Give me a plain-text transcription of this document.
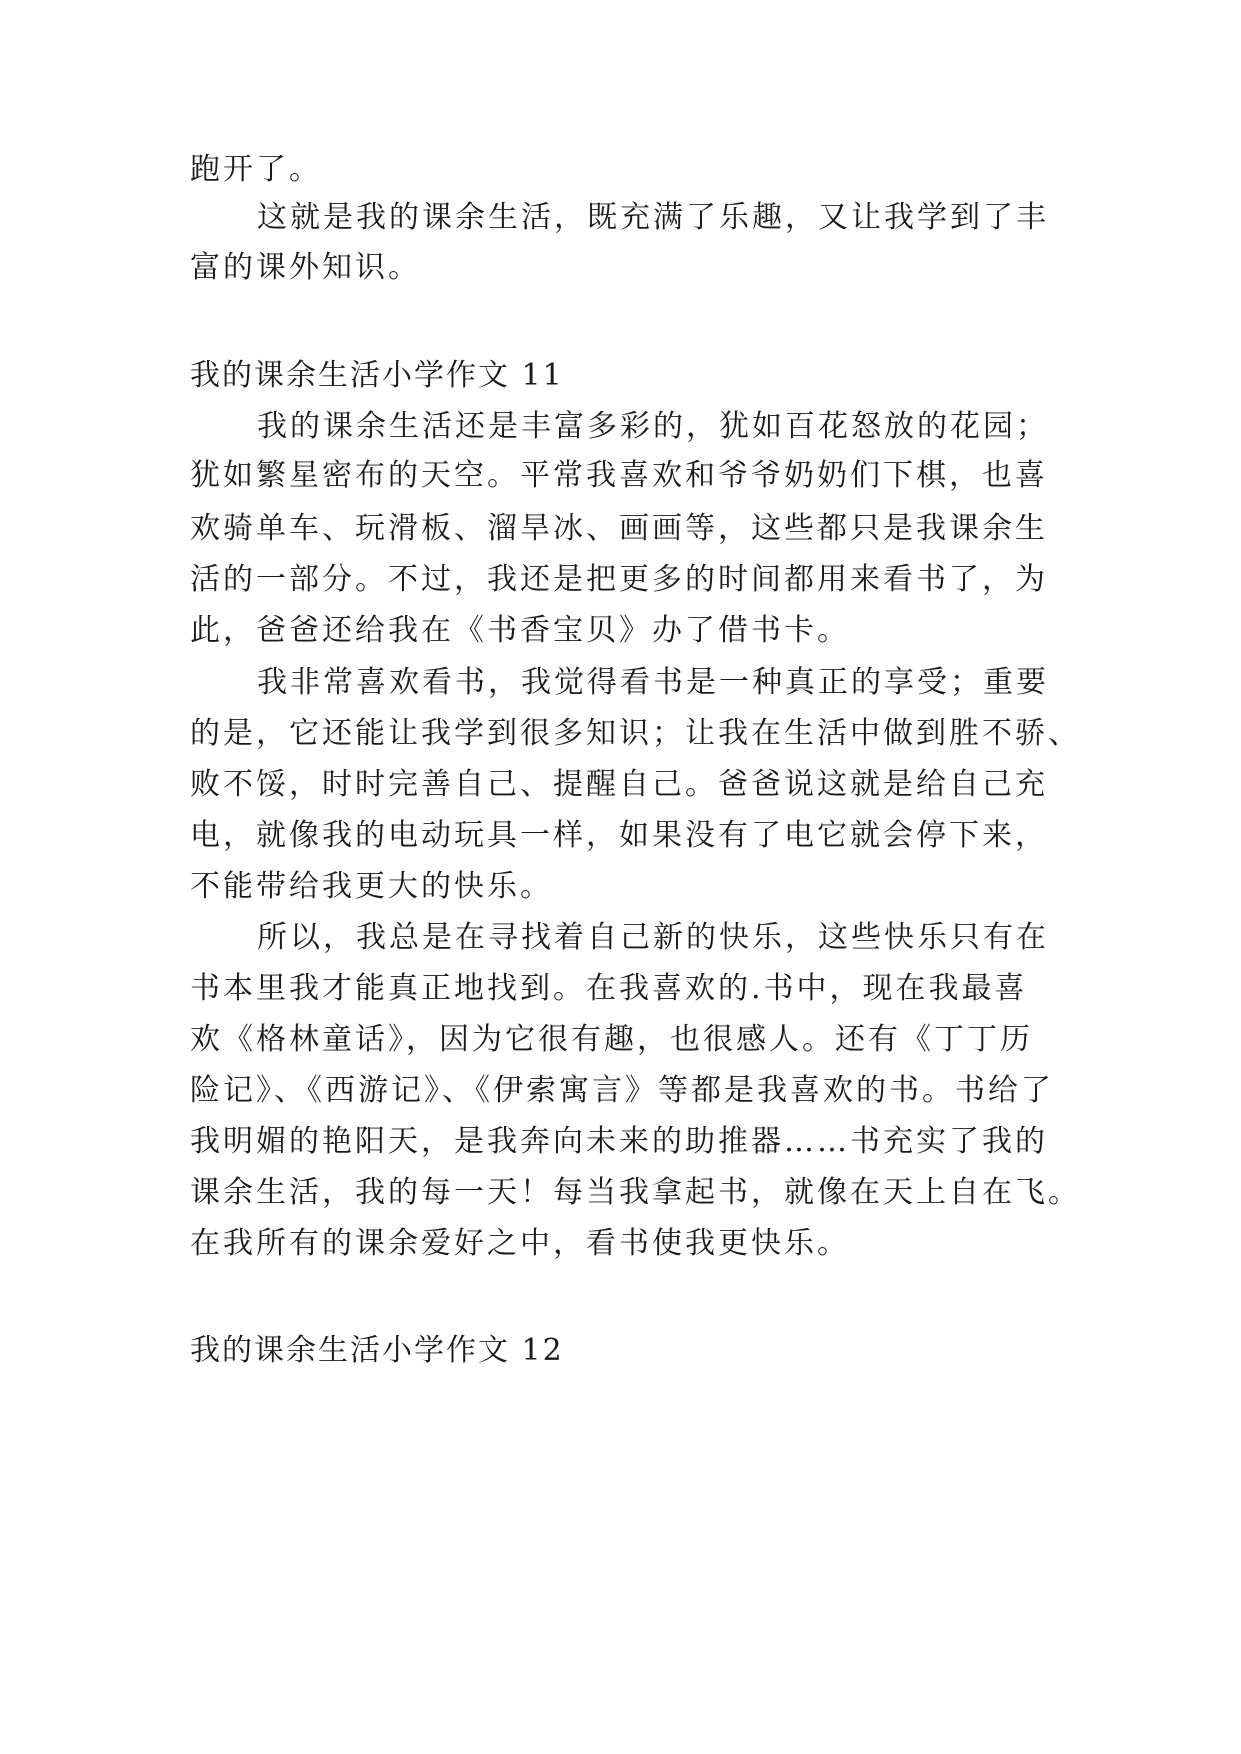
跑开了。
这就是我的课余生活，既充满了乐趣，又让我学到了丰
富的课外知识。
我的课余生活小学作文 11
我的课余生活还是丰富多彩的，犹如百花怒放的花园；
犹如繁星密布的天空。平常我喜欢和爷爷奶奶们下棋，也喜
欢骑单车、玩滑板、溜旱冰、画画等，这些都只是我课余生
活的一部分。不过，我还是把更多的时间都用来看书了，为
此，爸爸还给我在《书香宝贝》办了借书卡。
我非常喜欢看书，我觉得看书是一种真正的享受；重要
的是，它还能让我学到很多知识；让我在生活中做到胜不骄、
败不馁，时时完善自己、提醒自己。爸爸说这就是给自己充
电，就像我的电动玩具一样，如果没有了电它就会停下来，
不能带给我更大的快乐。
所以，我总是在寻找着自己新的快乐，这些快乐只有在
书本里我才能真正地找到。在我喜欢的.书中，现在我最喜
欢《格林童话》，因为它很有趣，也很感人。还有《丁丁历
险记》、《西游记》、《伊索寓言》等都是我喜欢的书。书给了
我明媚的艳阳天，是我奔向未来的助推器……书充实了我的
课余生活，我的每一天！每当我拿起书，就像在天上自在飞。
在我所有的课余爱好之中，看书使我更快乐。
我的课余生活小学作文 12
